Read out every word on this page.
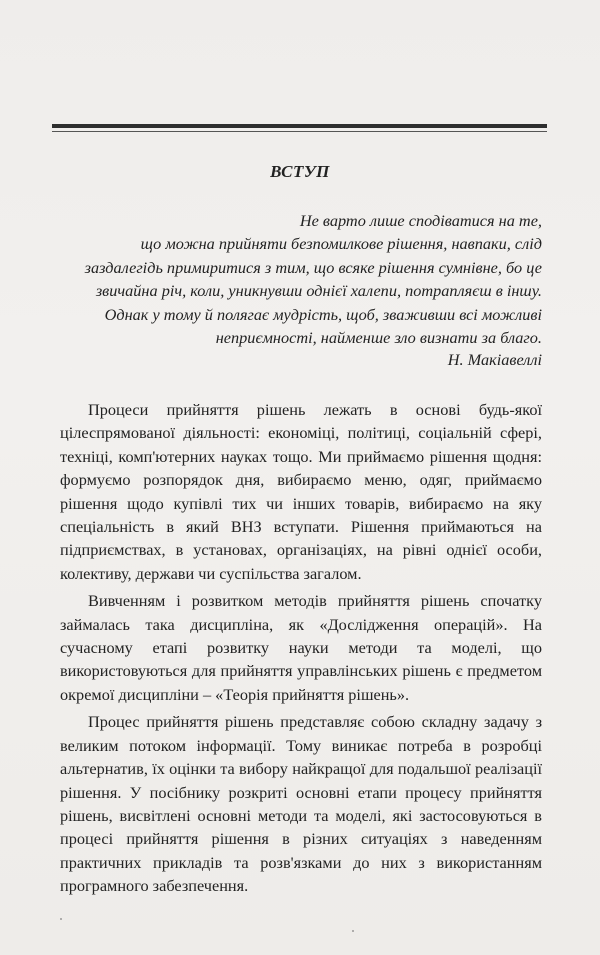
ВСТУП
Не варто лише сподіватися на те,
що можна прийняти безпомилкове рішення, навпаки, слід
заздалегідь примиритися з тим, що всяке рішення сумнівне, бо це
звичайна річ, коли, уникнувши однієї халепи, потрапляєш в іншу.
Однак у тому й полягає мудрість, щоб, зваживши всі можливі
неприємності, найменше зло визнати за благо.
Н. Макіавеллі
Процеси прийняття рішень лежать в основі будь-якої
цілеспрямованої діяльності: економіці, політиці, соціальній сфері,
техніці, комп'ютерних науках тощо. Ми приймаємо рішення щодня:
формуємо розпорядок дня, вибираємо меню, одяг, приймаємо
рішення щодо купівлі тих чи інших товарів, вибираємо на яку
спеціальність в який ВНЗ вступати. Рішення приймаються на
підприємствах, в установах, організаціях, на рівні однієї особи,
колективу, держави чи суспільства загалом.
Вивченням і розвитком методів прийняття рішень спочатку
займалась така дисципліна, як «Дослідження операцій». На
сучасному етапі розвитку науки методи та моделі, що
використовуються для прийняття управлінських рішень є предметом
окремої дисципліни – «Теорія прийняття рішень».
Процес прийняття рішень представляє собою складну задачу з
великим потоком інформації. Тому виникає потреба в розробці
альтернатив, їх оцінки та вибору найкращої для подальшої реалізації
рішення. У посібнику розкриті основні етапи процесу прийняття
рішень, висвітлені основні методи та моделі, які застосовуються в
процесі прийняття рішення в різних ситуаціях з наведенням
практичних прикладів та розв'язками до них з використанням
програмного забезпечення.
